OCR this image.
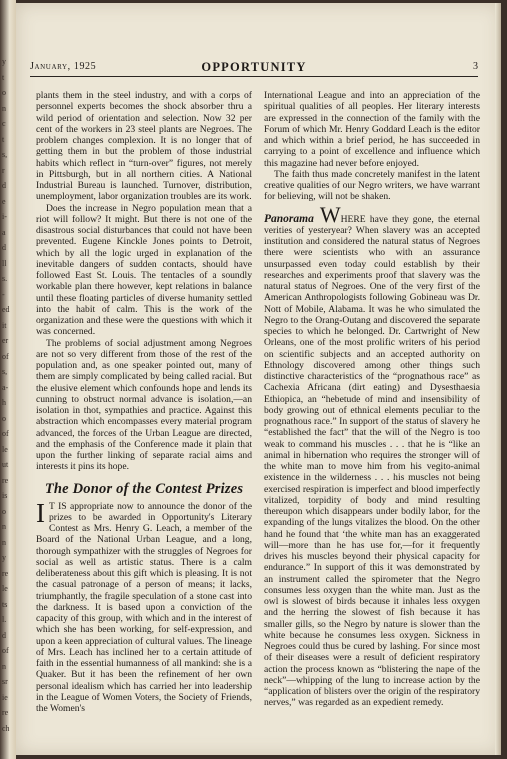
y
t
o
n
c
t
s,
r
d
e
i-
a
d
ll
s.
-
ed
it
er
of
s,
a-
h
o
of
le
ut
re
is
o
n
n
y
re
le
ts
l.
d
of
n
sr
ie
re
ch
January, 1925	OPPORTUNITY	3

plants them in the steel industry, and with a corps of personnel experts becomes the shock absorber thru a wild period of orientation and selection. Now 32 per cent of the workers in 23 steel plants are Negroes. The problem changes complexion. It is no longer that of getting them in but the problem of those industrial habits which reflect in “turn-over” figures, not merely in Pittsburgh, but in all northern cities. A National Industrial Bureau is launched. Turnover, distribution, unemployment, labor organization troubles are its work.

Does the increase in Negro population mean that a riot will follow? It might. But there is not one of the disastrous social disturbances that could not have been prevented. Eugene Kinckle Jones points to Detroit, which by all the logic urged in explanation of the inevitable dangers of sudden contacts, should have followed East St. Louis. The tentacles of a soundly workable plan there however, kept relations in balance until these floating particles of diverse humanity settled into the habit of calm. This is the work of the organization and these were the questions with which it was concerned.

The problems of social adjustment among Negroes are not so very different from those of the rest of the population and, as one speaker pointed out, many of them are simply complicated by being called racial. But the elusive element which confounds hope and lends its cunning to obstruct normal advance is isolation,—an isolation in thot, sympathies and practice. Against this abstraction which encompasses every material program advanced, the forces of the Urban League are directed, and the emphasis of the Conference made it plain that upon the further linking of separate racial aims and interests it pins its hope.

The Donor of the Contest Prizes

I T IS appropriate now to announce the donor of the prizes to be awarded in Opportunity's Literary Contest as Mrs. Henry G. Leach, a member of the Board of the National Urban League, and a long, thorough sympathizer with the struggles of Negroes for social as well as artistic status. There is a calm deliberateness about this gift which is pleasing. It is not the casual patronage of a person of means; it lacks, triumphantly, the fragile speculation of a stone cast into the darkness. It is based upon a conviction of the capacity of this group, with which and in the interest of which she has been working, for self-expression, and upon a keen appreciation of cultural values. The lineage of Mrs. Leach has inclined her to a certain attitude of faith in the essential humanness of all mankind: she is a Quaker. But it has been the refinement of her own personal idealism which has carried her into leadership in the League of Women Voters, the Society of Friends, the Women's

International League and into an appreciation of the spiritual qualities of all peoples. Her literary interests are expressed in the connection of the family with the Forum of which Mr. Henry Goddard Leach is the editor and which within a brief period, he has succeeded in carrying to a point of excellence and influence which this magazine had never before enjoyed.

The faith thus made concretely manifest in the latent creative qualities of our Negro writers, we have warrant for believing, will not be shaken.

Panorama WHERE have they gone, the eternal verities of yesteryear? When slavery was an accepted institution and considered the natural status of Negroes there were scientists who with an assurance unsurpassed even today could establish by their researches and experiments proof that slavery was the natural status of Negroes. One of the very first of the American Anthropologists following Gobineau was Dr. Nott of Mobile, Alabama. It was he who simulated the Negro to the Orang-Outang and discovered the separate species to which he belonged. Dr. Cartwright of New Orleans, one of the most prolific writers of his period on scientific subjects and an accepted authority on Ethnology discovered among other things such distinctive characteristics of the “prognathous race” as Cachexia Africana (dirt eating) and Dysesthaesia Ethiopica, an “hebetude of mind and insensibility of body growing out of ethnical elements peculiar to the prognathous race.” In support of the status of slavery he “established the fact” that the will of the Negro is too weak to command his muscles . . . that he is “like an animal in hibernation who requires the stronger will of the white man to move him from his vegito-animal existence in the wilderness . . . his muscles not being exercised respiration is imperfect and blood imperfectly vitalized, torpidity of body and mind resulting thereupon which disappears under bodily labor, for the expanding of the lungs vitalizes the blood. On the other hand he found that ‘the white man has an exaggerated will—more than he has use for,—for it frequently drives his muscles beyond their physical capacity for endurance.” In support of this it was demonstrated by an instrument called the spirometer that the Negro consumes less oxygen than the white man. Just as the owl is slowest of birds because it inhales less oxygen and the herring the slowest of fish because it has smaller gills, so the Negro by nature is slower than the white because he consumes less oxygen. Sickness in Negroes could thus be cured by lashing. For since most of their diseases were a result of deficient respiratory action the process known as “blistering the nape of the neck”—whipping of the lung to increase action by the “application of blisters over the origin of the respiratory nerves,” was regarded as an expedient remedy.
